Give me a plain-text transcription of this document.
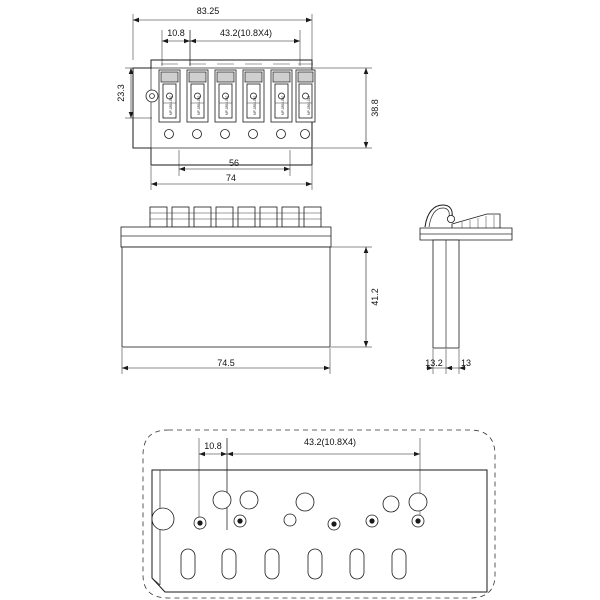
MP-0304-010	MP-0304-010	MP-0304-010	MP-0304-010	MP-0304-010	MP-0304-010
83.25
10.8	43.2(10.8X4)
56
74
23.3
38.8
41.2
74.5	13.2 13
10.8	43.2(10.8X4)
